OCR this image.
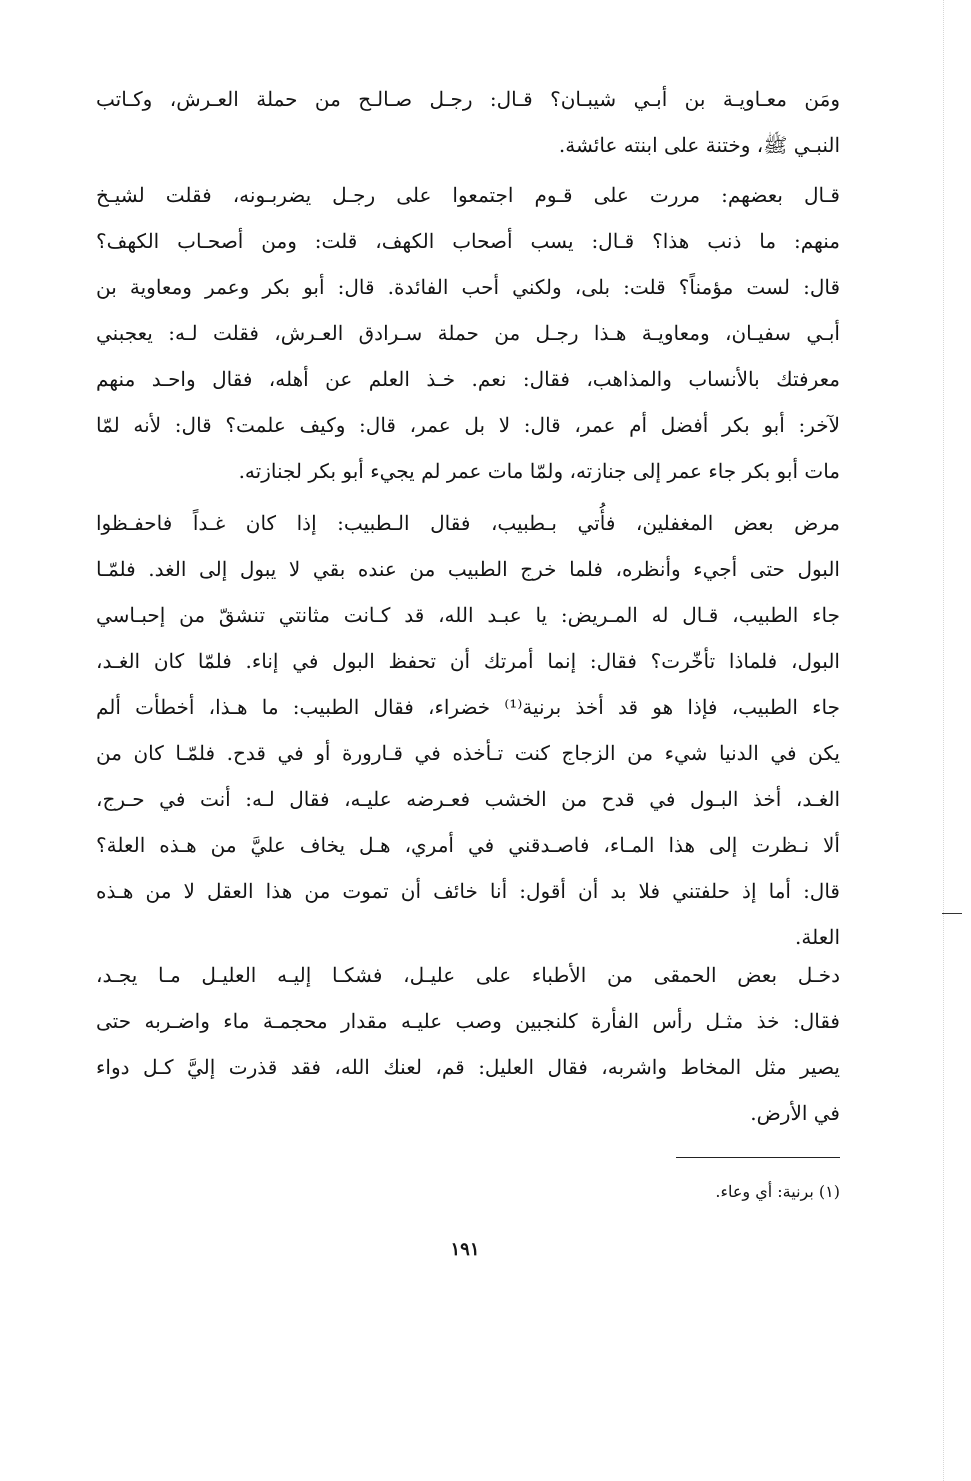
ومَن معـاويـة بن أبـي شيبـان؟ قـال: رجـل صـالـح من حملة العـرش، وكـاتب
النبـي ﷺ، وختنة على ابنته عائشة.
قـال بعضهم: مررت على قـوم اجتمعوا على رجـل يضربـونه، فقلت لشيـخ
منهم: ما ذنب هذا؟ قـال: يسب أصحاب الكهف، قلت: ومن أصحـاب الكهف؟
قال: لست مؤمناً؟ قلت: بلى، ولكني أحب الفائدة. قال: أبو بكر وعمر ومعاوية بن
أبـي سفيـان، ومعاويـة هـذا رجـل من حملة سـرادق العـرش، فقلت لـه: يعجبني
معرفتك بالأنساب والمذاهب، فقال: نعم. خـذ العلم عن أهله، فقال واحـد منهم
لآخر: أبو بكر أفضل أم عمر، قال: لا بل عمر، قال: وكيف علمت؟ قال: لأنه لمّا
مات أبو بكر جاء عمر إلى جنازته، ولمّا مات عمر لم يجيء أبو بكر لجنازته.
مرض بعض المغفلين، فأُتي بـطبيب، فقال الـطبيب: إذا كان غـداً فاحفـظوا
البول حتى أجيء وأنظره، فلما خرج الطبيب من عنده بقي لا يبول إلى الغد. فلمّـا
جاء الطبيب، قـال له المـريض: يا عبـد الله، قد كـانت مثانتي تنشقّ من إحبـاسي
البول، فلماذا تأخّرت؟ فقال: إنما أمرتك أن تحفظ البول في إناء. فلمّا كان الغـد،
جاء الطبيب، فإذا هو قد أخذ برنية⁽¹⁾ خضراء، فقال الطبيب: ما هـذا، أخطأت ألم
يكن في الدنيا شيء من الزجاج كنت تـأخذه في قـارورة أو في قدح. فلمّـا كان من
الغـد، أخذ البـول في قدح من الخشب فعـرضه عليـه، فقال لـه: أنت في حـرج،
ألا نـظرت إلى هذا المـاء، فاصـدقني في أمري، هـل يخاف عليَّ من هـذه العلة؟
قال: أما إذ حلفتني فلا بد أن أقول: أنا خائف أن تموت من هذا العقل لا من هـذه
العلة.
دخـل بعض الحمقى من الأطباء على عليـل، فشكـا إليـه العليـل مـا يجـد،
فقال: خذ مثـل رأس الفأرة كلنجبين وصب عليـه مقدار محجمـة ماء واضـربه حتى
يصير مثل المخاط واشربه، فقال العليل: قم، لعنك الله، فقد قذرت إليَّ كـل دواء
في الأرض.
(١) برنية: أي وعاء.
١٩١
